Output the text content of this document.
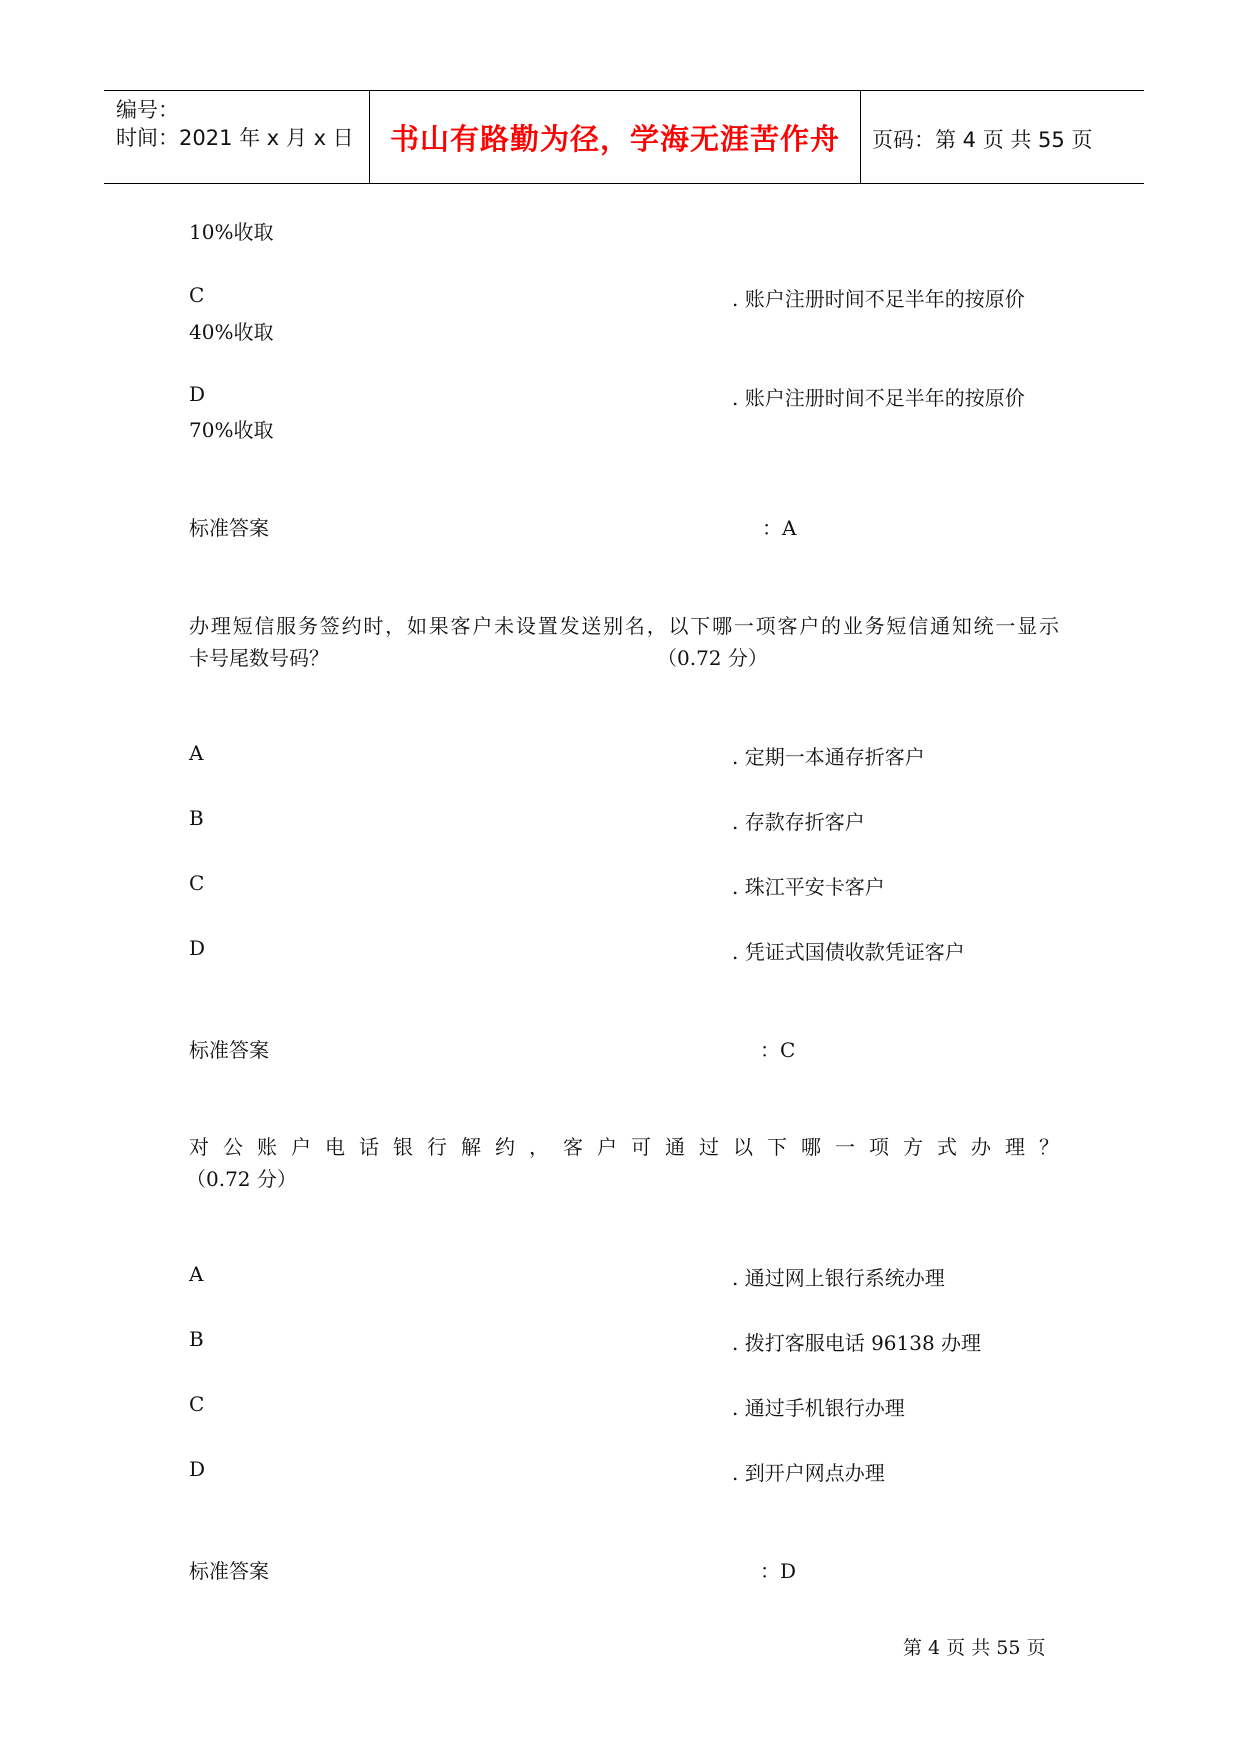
编号：
时间：2021 年 x 月 x 日	书山有路勤为径，学海无涯苦作舟	页码：第 4 页 共 55 页
10%收取
C	. 账户注册时间不足半年的按原价
40%收取
D	. 账户注册时间不足半年的按原价
70%收取
标准答案	：A
办理短信服务签约时，如果客户未设置发送别名，以下哪一项客户的业务短信通知统一显示
卡号尾数号码？	（0.72 分）
A	. 定期一本通存折客户
B	. 存款存折客户
C	. 珠江平安卡客户
D	. 凭证式国债收款凭证客户
标准答案	：C
对公账户电话银行解约，客户可通过以下哪一项方式办理？
（0.72 分）
A	. 通过网上银行系统办理
B	. 拨打客服电话 96138 办理
C	. 通过手机银行办理
D	. 到开户网点办理
标准答案	：D
第 4 页 共 55 页
